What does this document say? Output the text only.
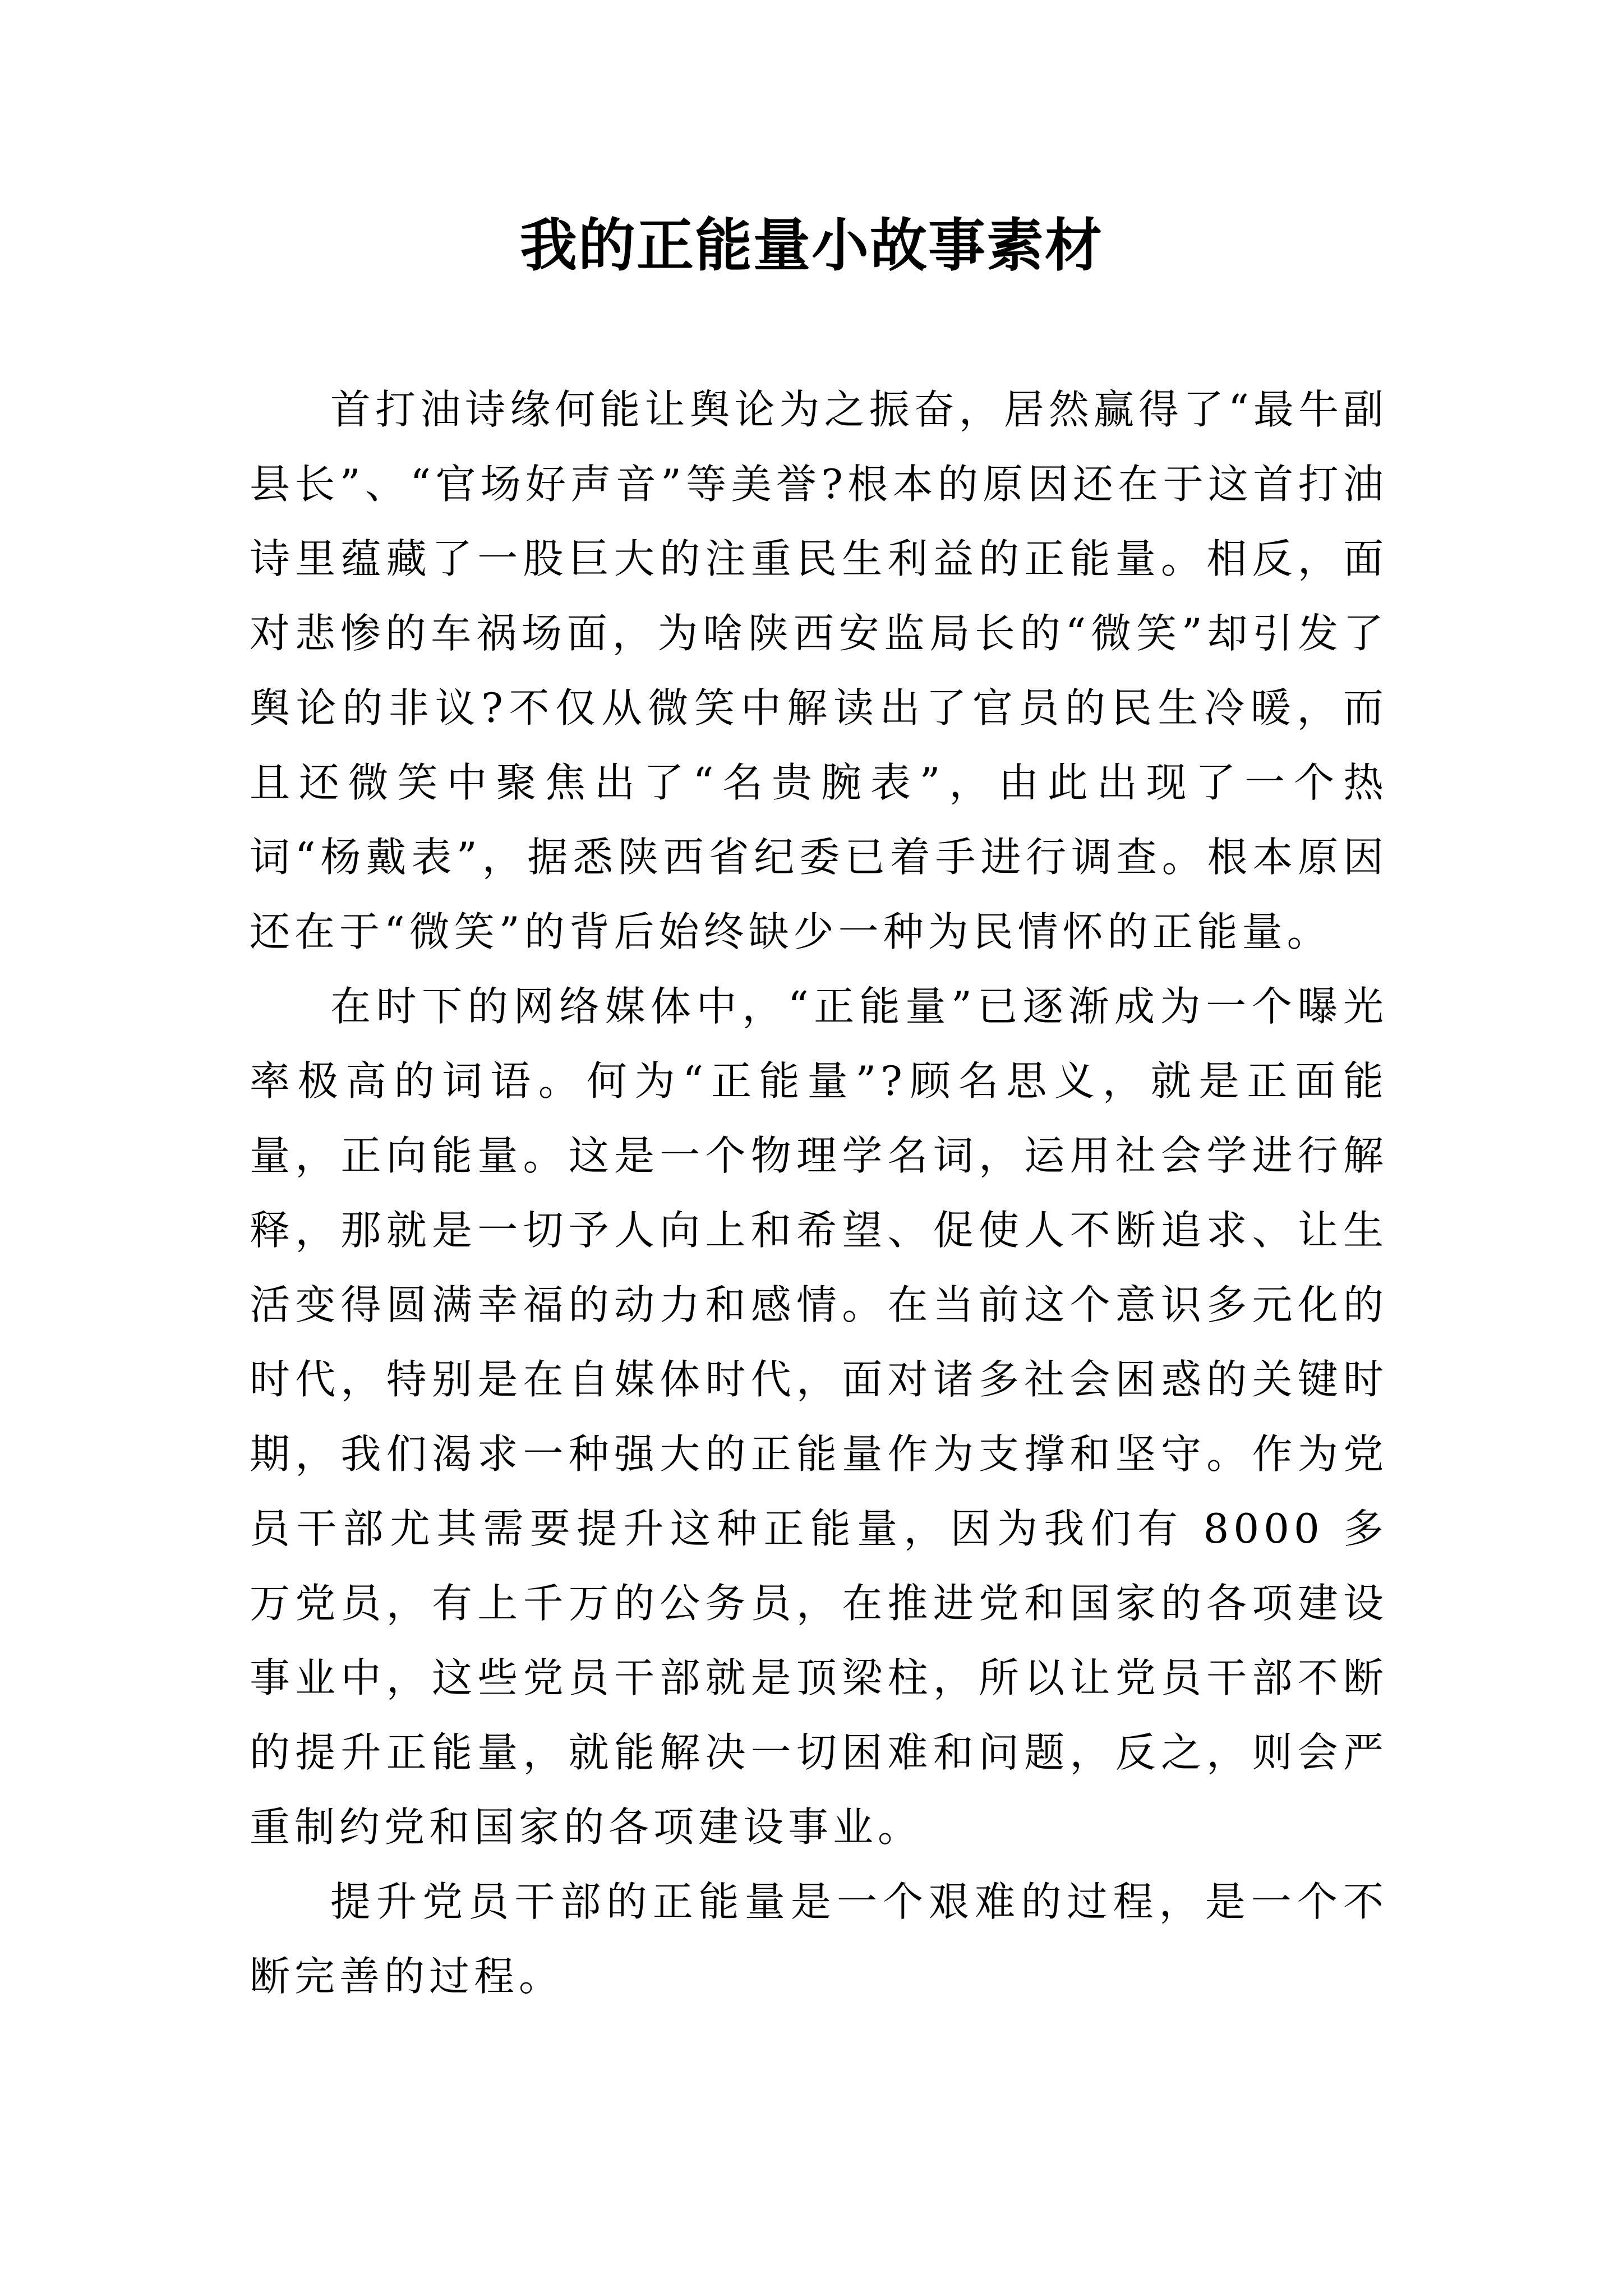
我的正能量小故事素材

首打油诗缘何能让舆论为之振奋，居然赢得了“最牛副县长”、“官场好声音”等美誉?根本的原因还在于这首打油诗里蕴藏了一股巨大的注重民生利益的正能量。相反，面对悲惨的车祸场面，为啥陕西安监局长的“微笑”却引发了舆论的非议?不仅从微笑中解读出了官员的民生冷暖，而且还微笑中聚焦出了“名贵腕表”，由此出现了一个热词“杨戴表”，据悉陕西省纪委已着手进行调查。根本原因还在于“微笑”的背后始终缺少一种为民情怀的正能量。

在时下的网络媒体中，“正能量”已逐渐成为一个曝光率极高的词语。何为“正能量”?顾名思义，就是正面能量，正向能量。这是一个物理学名词，运用社会学进行解释，那就是一切予人向上和希望、促使人不断追求、让生活变得圆满幸福的动力和感情。在当前这个意识多元化的时代，特别是在自媒体时代，面对诸多社会困惑的关键时期，我们渴求一种强大的正能量作为支撑和坚守。作为党员干部尤其需要提升这种正能量，因为我们有 8000 多万党员，有上千万的公务员，在推进党和国家的各项建设事业中，这些党员干部就是顶梁柱，所以让党员干部不断的提升正能量，就能解决一切困难和问题，反之，则会严重制约党和国家的各项建设事业。

提升党员干部的正能量是一个艰难的过程，是一个不断完善的过程。
